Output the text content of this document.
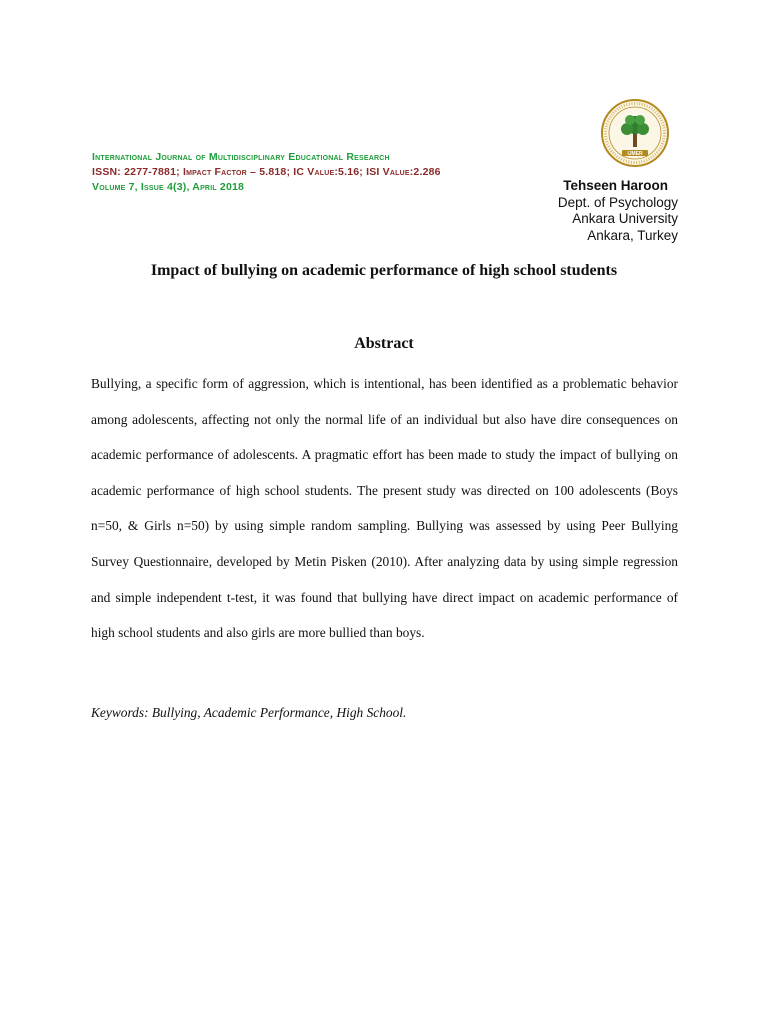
International Journal of Multidisciplinary Educational Research
ISSN: 2277-7881; Impact Factor – 5.818; IC Value:5.16; ISI Value:2.286
Volume 7, Issue 4(3), April 2018
IJMER
Tehseen Haroon
Dept. of Psychology
Ankara University
Ankara, Turkey
Impact of bullying on academic performance of high school students
Abstract

Bullying, a specific form of aggression, which is intentional, has been identified as a problematic behavior among adolescents, affecting not only the normal life of an individual but also have dire consequences on academic performance of adolescents. A pragmatic effort has been made to study the impact of bullying on academic performance of high school students. The present study was directed on 100 adolescents (Boys n=50, & Girls n=50) by using simple random sampling. Bullying was assessed by using Peer Bullying Survey Questionnaire, developed by Metin Pisken (2010). After analyzing data by using simple regression and simple independent t-test, it was found that bullying have direct impact on academic performance of high school students and also girls are more bullied than boys.

Keywords: Bullying, Academic Performance, High School.
